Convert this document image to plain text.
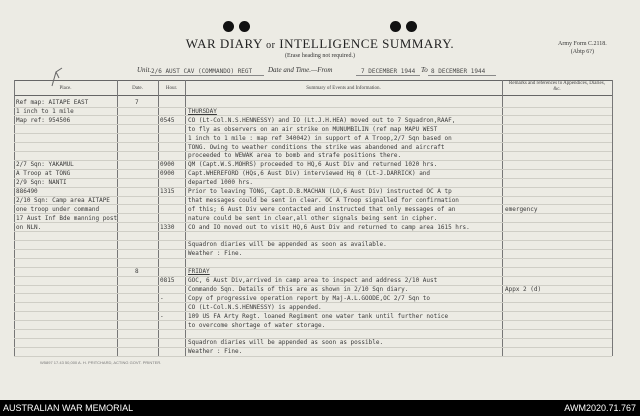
WAR DIARY or INTELLIGENCE SUMMARY.
(Erase heading not required.)
Army Form C.2118.
(Abtp 6?)
Unit. 2/6 AUST CAV (COMMANDO) REGT Date and Time.—From	7 DECEMBER 1944 To 8 DECEMBER 1944
Place.	Date.	Hour.	Summary of Events and Information.
Remarks and references to Appendices, Diaries, &c.
Ref map: AITAPE EAST	7
1 inch to 1 mile	THURSDAY
Map ref: 954506	0545 CO (Lt-Col.N.S.HENNESSY) and IO (Lt.J.H.HEA) moved out to 7 Squadron,RAAF,
to fly as observers on an air strike on MUNUMBILIN (ref map MAPU WEST
1 inch to 1 mile : map ref 340042) in support of A Troop,2/7 Sqn based on
TONG. Owing to weather conditions the strike was abandoned and aircraft
proceeded to WEWAK area to bomb and strafe positions there.
2/7 Sqn: YAKAMUL	0900 QM (Capt.W.S.MOHRS) proceeded to HQ,6 Aust Div and returned 1020 hrs.
A Troop at TONG	0900 Capt.WHEREFORD (HQs,6 Aust Div) interviewed Hq 0 (Lt-J.DARRICK) and
2/9 Sqn: NANTI	departed 1000 hrs.
886490	1315 Prior to leaving TONG, Capt.D.B.MACHAN (LO,6 Aust Div) instructed OC A tp
2/10 Sqn: Camp area AITAPE	that messages could be sent in clear. OC A Troop signalled for confirmation
one troop under command	of this; 6 Aust Div were contacted and instructed that only messages of an	emergency
17 Aust Inf Bde manning post	nature could be sent in clear,all other signals being sent in cipher.
on NLN.	1330 CO and IO moved out to visit HQ,6 Aust Div and returned to camp area 1615 hrs.
Squadron diaries will be appended as soon as available.
Weather : Fine.
8	FRIDAY
0815 GOC, 6 Aust Div,arrived in camp area to inspect and address 2/10 Aust
Commando Sqn. Details of this are as shown in 2/10 Sqn diary.	Appx 2 (d)
-	Copy of progressive operation report by Maj-A.L.GOODE,OC 2/7 Sqn to
CO (Lt-Col.N.S.HENNESSY) is appended.
-	109 US FA Arty Regt. loaned Regiment one water tank until further notice
to overcome shortage of water storage.
Squadron diaries will be appended as soon as possible.
Weather : Fine.
W5897 17.43 50,000 A. H. PRITCHARD, ACTING GOVT. PRINTER.
AUSTRALIAN WAR MEMORIAL	AWM2020.71.767
